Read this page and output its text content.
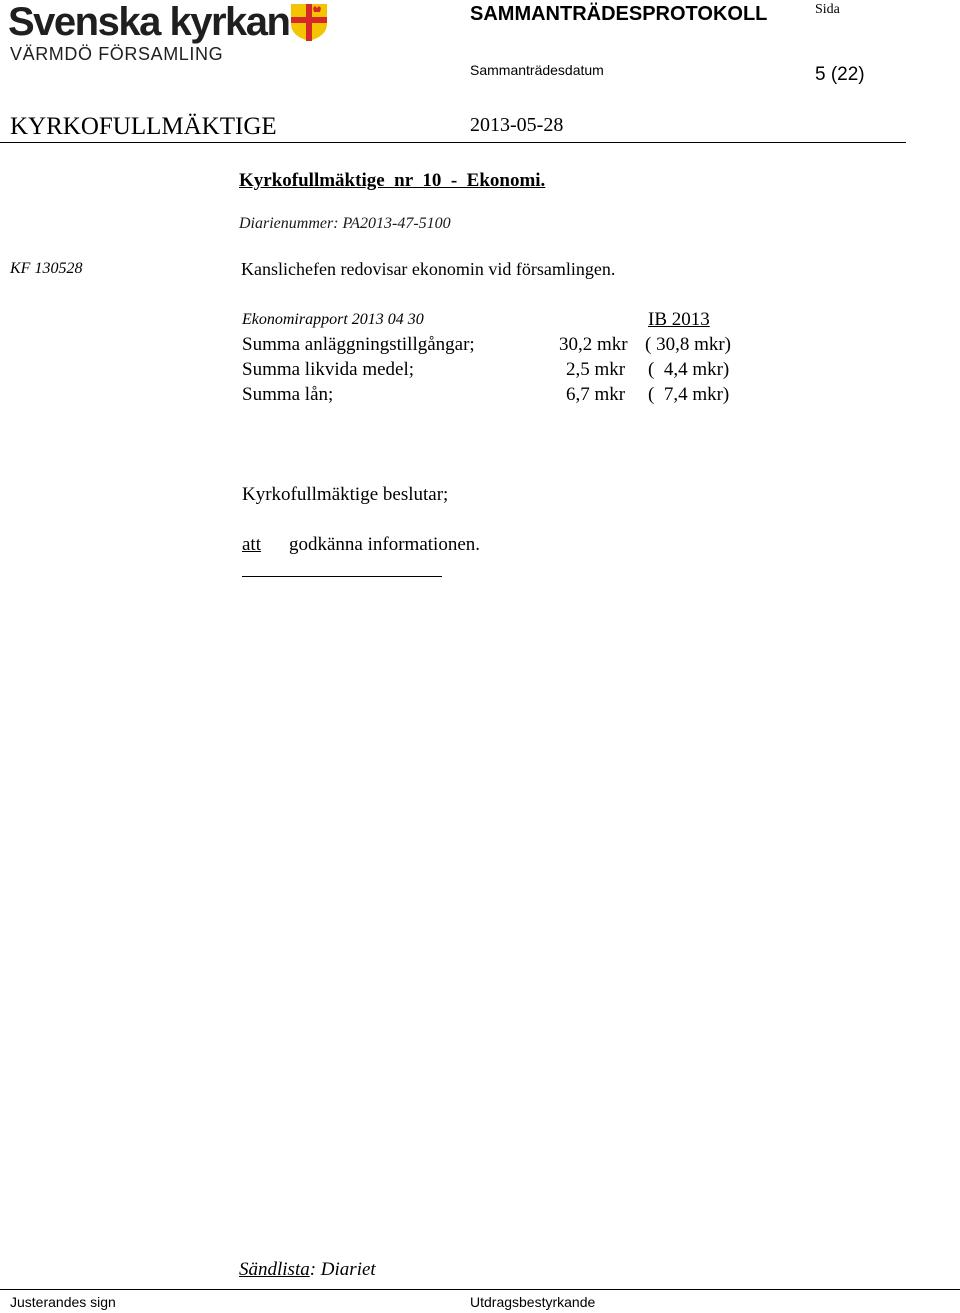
Svenska kyrkan
VÄRMDÖ FÖRSAMLING
SAMMANTRÄDESPROTOKOLL	Sida
Sammanträdesdatum	5 (22)
KYRKOFULLMÄKTIGE	2013-05-28
Kyrkofullmäktige  nr  10  -  Ekonomi.
Diarienummer: PA2013-47-5100
KF 130528	Kanslichefen redovisar ekonomin vid församlingen.
Ekonomirapport 2013 04 30	IB 2013
Summa anläggningstillgångar;	30,2 mkr ( 30,8 mkr)
Summa likvida medel;	2,5 mkr (  4,4 mkr)
Summa lån;	6,7 mkr (  7,4 mkr)
Kyrkofullmäktige beslutar;
att godkänna informationen.
Sändlista: Diariet
Justerandes sign	Utdragsbestyrkande
